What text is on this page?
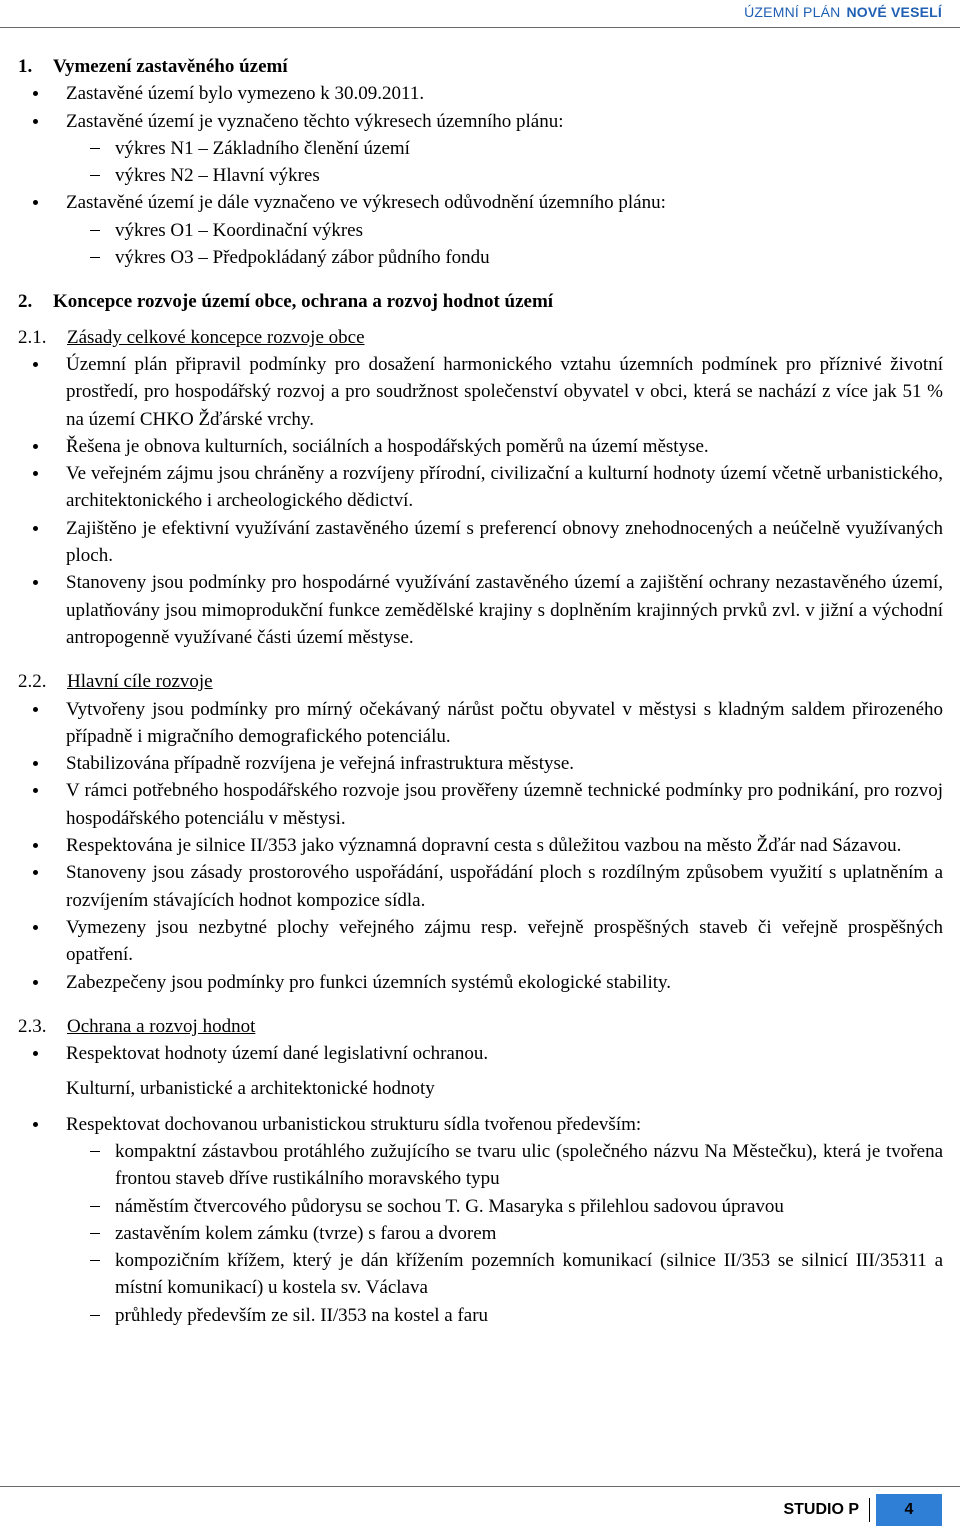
ÚZEMNÍ PLÁN NOVÉ VESELÍ
1. Vymezení zastavěného území
Zastavěné území bylo vymezeno k 30.09.2011.
Zastavěné území je vyznačeno těchto výkresech územního plánu:
výkres N1 – Základního členění území
výkres N2 – Hlavní výkres
Zastavěné území je dále vyznačeno ve výkresech odůvodnění územního plánu:
výkres O1 – Koordinační výkres
výkres O3 – Předpokládaný zábor půdního fondu
2. Koncepce rozvoje území obce, ochrana a rozvoj hodnot území
2.1. Zásady celkové koncepce rozvoje obce
Územní plán připravil podmínky pro dosažení harmonického vztahu územních podmínek pro příznivé životní prostředí, pro hospodářský rozvoj a pro soudržnost společenství obyvatel v obci, která se nachází z více jak 51 % na území CHKO Žďárské vrchy.
Řešena je obnova kulturních, sociálních a hospodářských poměrů na území městyse.
Ve veřejném zájmu jsou chráněny a rozvíjeny přírodní, civilizační a kulturní hodnoty území včetně urbanistického, architektonického i archeologického dědictví.
Zajištěno je efektivní využívání zastavěného území s preferencí obnovy znehodnocených a neúčelně využívaných ploch.
Stanoveny jsou podmínky pro hospodárné využívání zastavěného území a zajištění ochrany nezastavěného území, uplatňovány jsou mimoprodukční funkce zemědělské krajiny s doplněním krajinných prvků zvl. v jižní a východní antropogenně využívané části území městyse.
2.2. Hlavní cíle rozvoje
Vytvořeny jsou podmínky pro mírný očekávaný nárůst počtu obyvatel v městysi s kladným saldem přirozeného případně i migračního demografického potenciálu.
Stabilizována případně rozvíjena je veřejná infrastruktura městyse.
V rámci potřebného hospodářského rozvoje jsou prověřeny územně technické podmínky pro podnikání, pro rozvoj hospodářského potenciálu v městysi.
Respektována je silnice II/353 jako významná dopravní cesta s důležitou vazbou na město Žďár nad Sázavou.
Stanoveny jsou zásady prostorového uspořádání, uspořádání ploch s rozdílným způsobem využití s uplatněním a rozvíjením stávajících hodnot kompozice sídla.
Vymezeny jsou nezbytné plochy veřejného zájmu resp. veřejně prospěšných staveb či veřejně prospěšných opatření.
Zabezpečeny jsou podmínky pro funkci územních systémů ekologické stability.
2.3. Ochrana a rozvoj hodnot
Respektovat hodnoty území dané legislativní ochranou.
Kulturní, urbanistické a architektonické hodnoty
Respektovat dochovanou urbanistickou strukturu sídla tvořenou především:
kompaktní zástavbou protáhlého zužujícího se tvaru ulic (společného názvu Na Městečku), která je tvořena frontou staveb dříve rustikálního moravského typu
náměstím čtvercového půdorysu se sochou T. G. Masaryka s přilehlou sadovou úpravou
zastavěním kolem zámku (tvrze) s farou a dvorem
kompozičním křížem, který je dán křížením pozemních komunikací (silnice II/353 se silnicí III/35311 a místní komunikací) u kostela sv. Václava
průhledy především ze sil. II/353 na kostel a faru
STUDIO P	4
